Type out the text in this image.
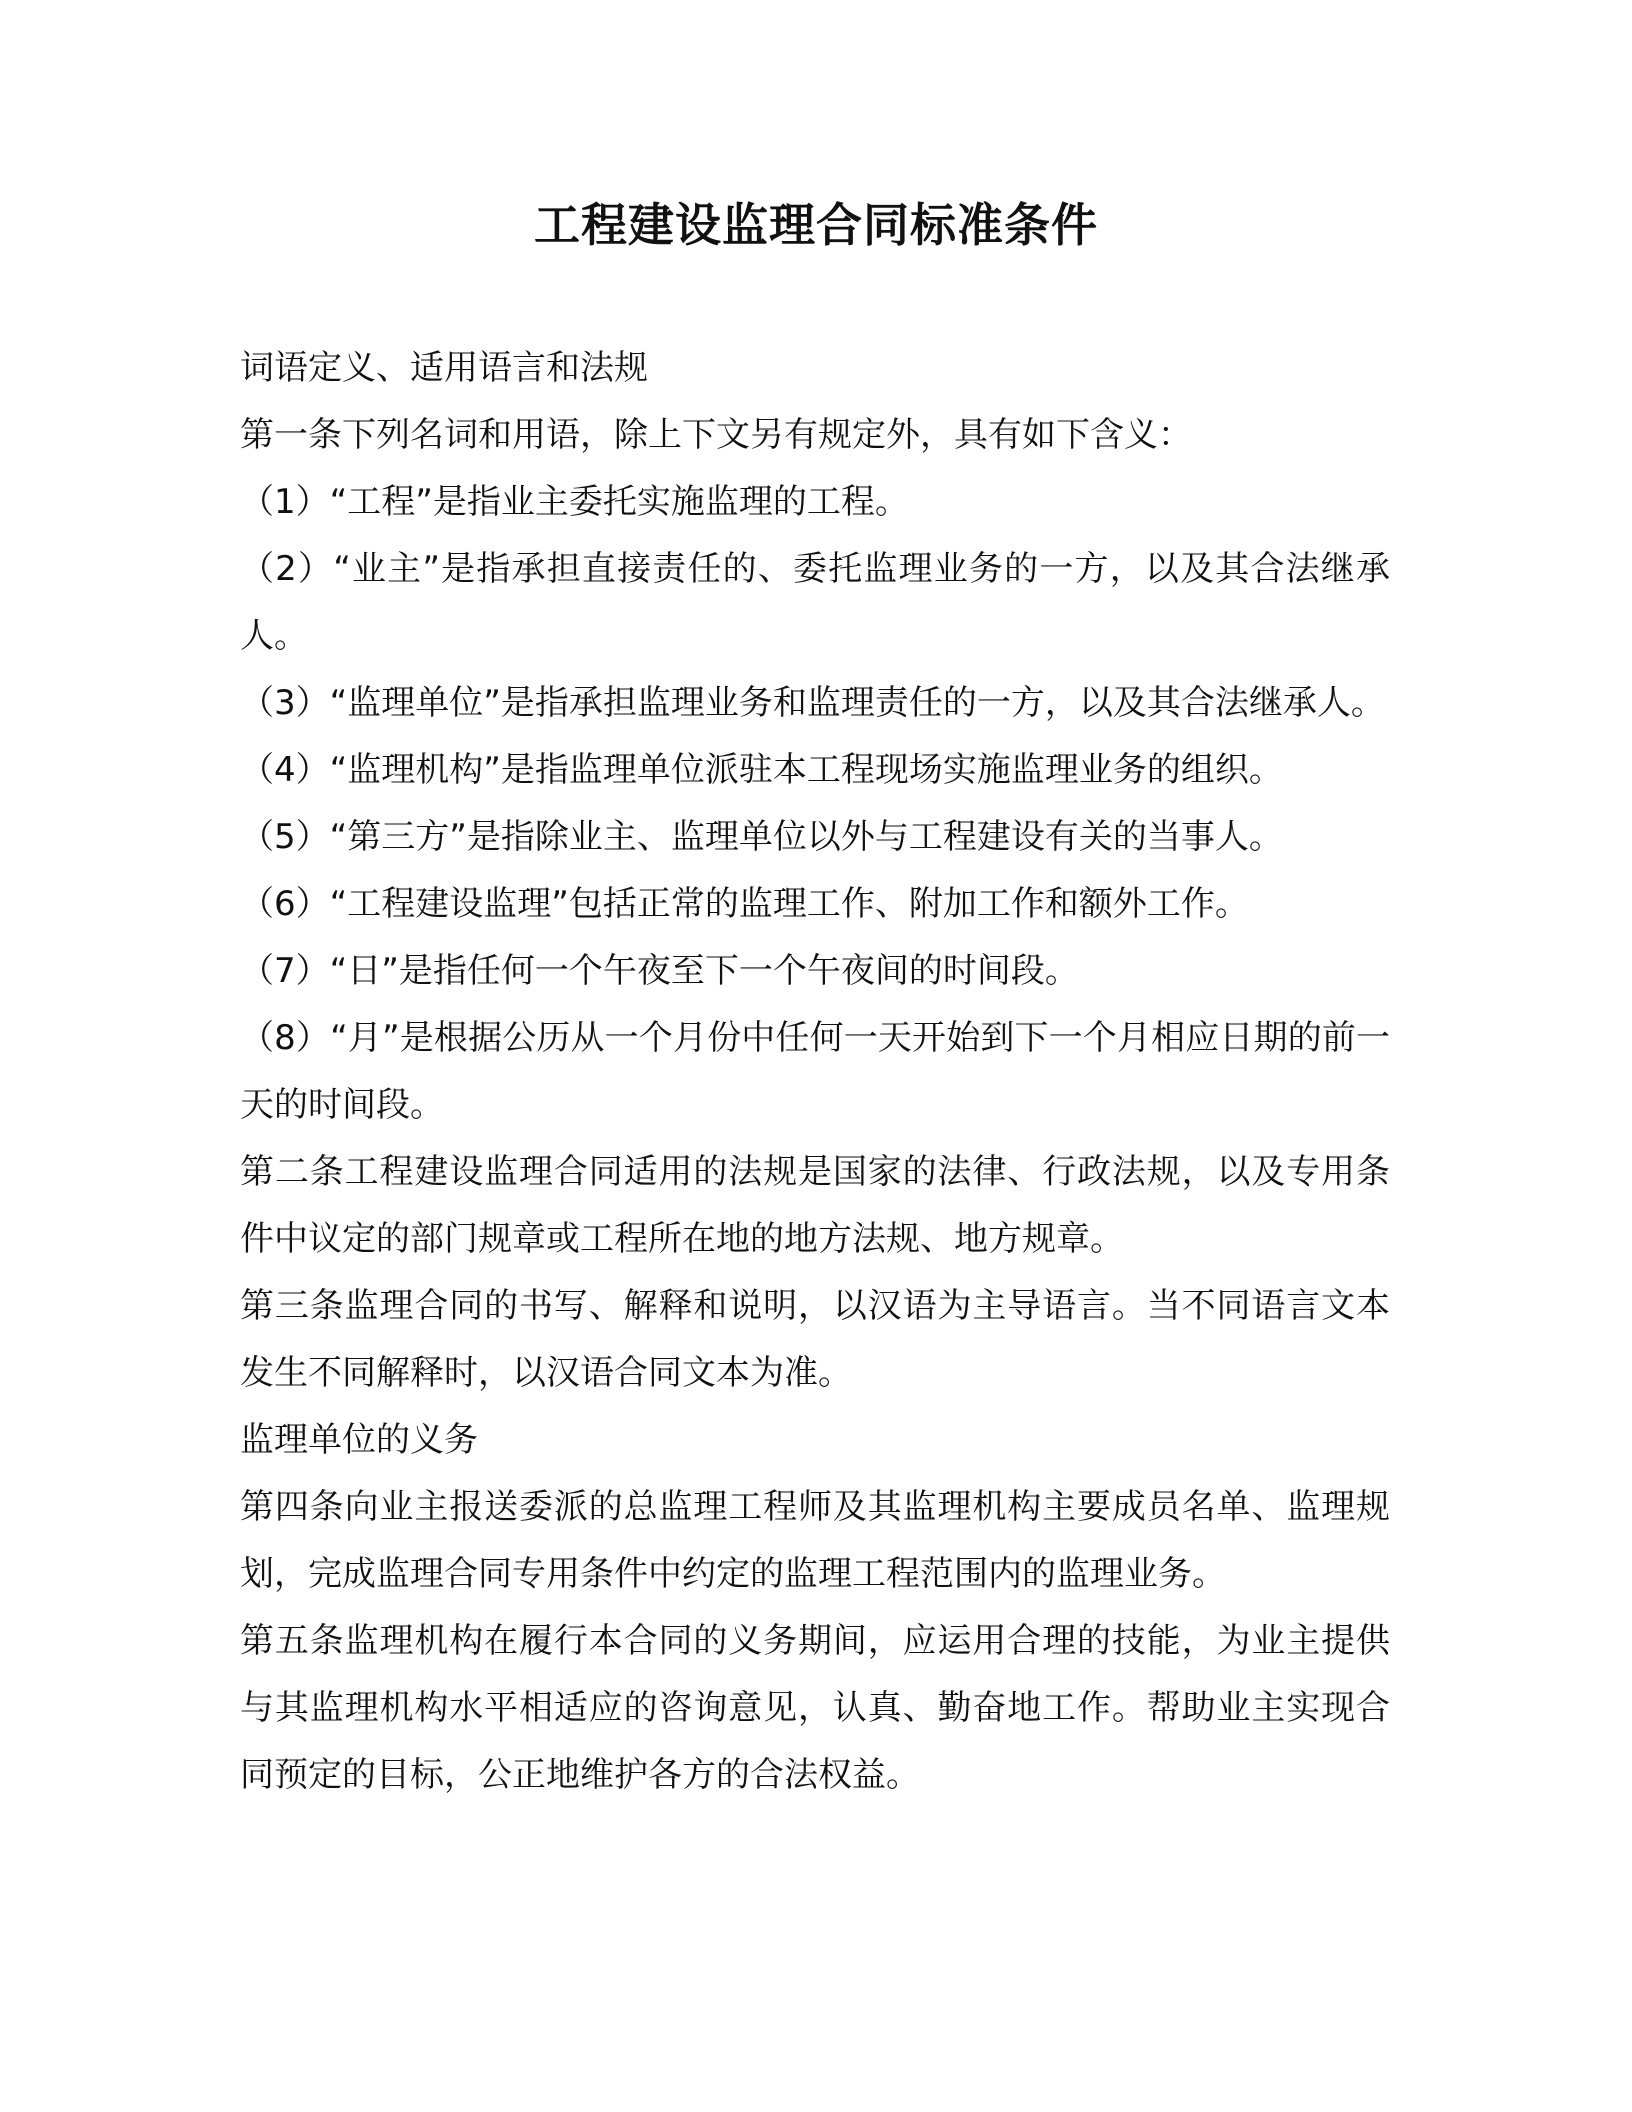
工程建设监理合同标准条件

词语定义、适用语言和法规

第一条下列名词和用语，除上下文另有规定外，具有如下含义：

（1）“工程”是指业主委托实施监理的工程。

（2）“业主”是指承担直接责任的、委托监理业务的一方，以及其合法继承人。

（3）“监理单位”是指承担监理业务和监理责任的一方，以及其合法继承人。

（4）“监理机构”是指监理单位派驻本工程现场实施监理业务的组织。

（5）“第三方”是指除业主、监理单位以外与工程建设有关的当事人。

（6）“工程建设监理”包括正常的监理工作、附加工作和额外工作。

（7）“日”是指任何一个午夜至下一个午夜间的时间段。

（8）“月”是根据公历从一个月份中任何一天开始到下一个月相应日期的前一天的时间段。

第二条工程建设监理合同适用的法规是国家的法律、行政法规，以及专用条件中议定的部门规章或工程所在地的地方法规、地方规章。

第三条监理合同的书写、解释和说明，以汉语为主导语言。当不同语言文本发生不同解释时，以汉语合同文本为准。

监理单位的义务

第四条向业主报送委派的总监理工程师及其监理机构主要成员名单、监理规划，完成监理合同专用条件中约定的监理工程范围内的监理业务。

第五条监理机构在履行本合同的义务期间，应运用合理的技能，为业主提供与其监理机构水平相适应的咨询意见，认真、勤奋地工作。帮助业主实现合同预定的目标，公正地维护各方的合法权益。
